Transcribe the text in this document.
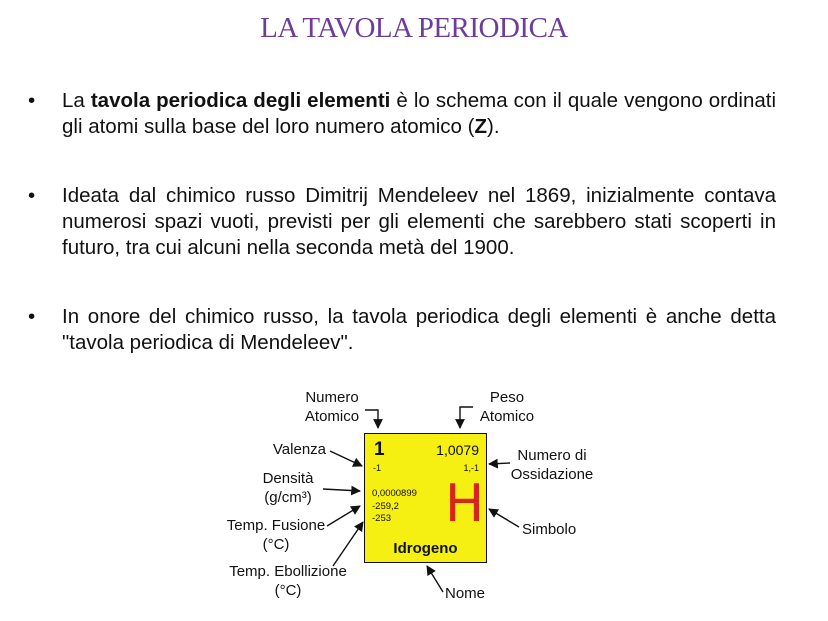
LA TAVOLA PERIODICA
• La tavola periodica degli elementi è lo schema con il quale vengono ordinati gli atomi sulla base del loro numero atomico (Z).
• Ideata dal chimico russo Dimitrij Mendeleev nel 1869, inizialmente contava numerosi spazi vuoti, previsti per gli elementi che sarebbero stati scoperti in futuro, tra cui alcuni nella seconda metà del 1900.
• In onore del chimico russo, la tavola periodica degli elementi è anche detta "tavola periodica di Mendeleev".
Numero
Atomico
Peso
Atomico
Valenza
Densità
(g/cm³)
Temp. Fusione
(°C)
Temp. Ebollizione
(°C)
Numero di
Ossidazione
Simbolo
Nome
1	1,0079
-1	1,-1
0,0000899
-259,2
-253	H
Idrogeno
